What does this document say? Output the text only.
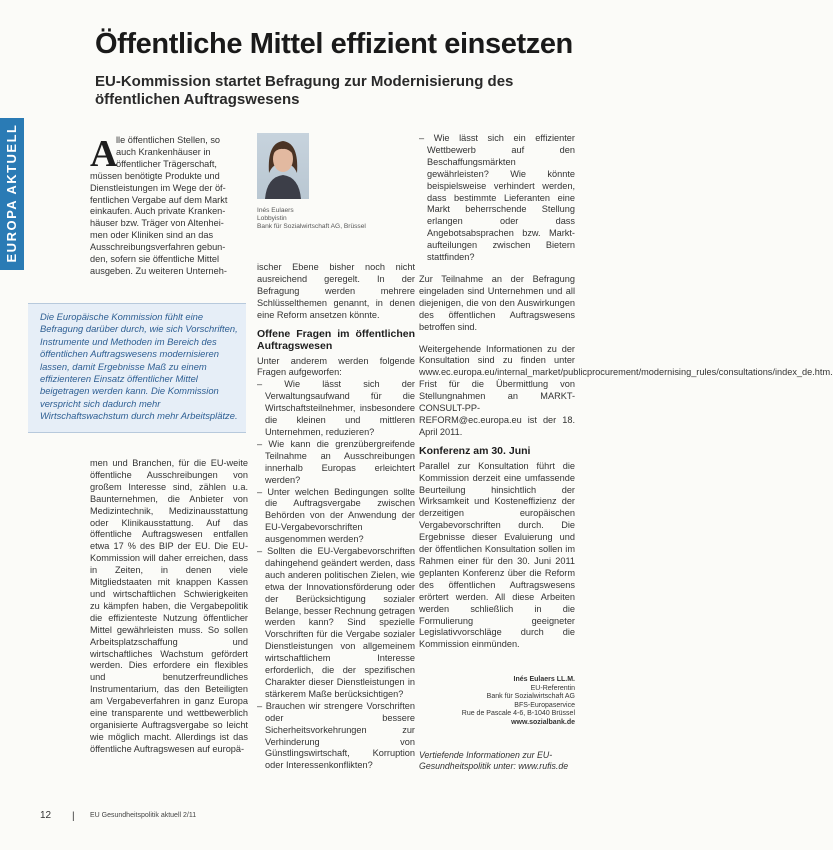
EUROPA AKTUELL
Öffentliche Mittel effizient einsetzen
EU-Kommission startet Befragung zur Modernisierung des öffentlichen Auftragswesens
A
lle öffentlichen Stellen, so
auch Krankenhäuser in
öffentlicher Trägerschaft,
müssen benötigte Produkte und
Dienstleistungen im Wege der öf-
fentlichen Vergabe auf dem Markt
einkaufen. Auch private Kranken-
häuser bzw. Träger von Altenhei-
men oder Kliniken sind an das
Ausschreibungsverfahren gebun-
den, sofern sie öffentliche Mittel
ausgeben. Zu weiteren Unterneh-
Inés Eulaers
Lobbyistin
Bank für Sozialwirtschaft AG, Brüssel
Die Europäische Kommission fühlt eine Befragung darüber durch, wie sich Vorschriften, Instrumente und Methoden im Bereich des öffentlichen Auftragswesens modernisieren lassen, damit Ergebnisse Maß zu einem effizienteren Einsatz öffentlicher Mittel beigetragen werden kann. Die Kommission verspricht sich dadurch mehr Wirtschaftswachstum durch mehr Arbeitsplätze.

men und Branchen, für die EU-weite öffentliche Ausschreibungen von großem Interesse sind, zählen u.a. Baunternehmen, die Anbieter von Medizintechnik, Medizinausstattung oder Klinikausstattung. Auf das öffentliche Auftragswesen entfallen etwa 17 % des BIP der EU. Die EU-Kommission will daher erreichen, dass in Zeiten, in denen viele Mitgliedstaaten mit knappen Kassen und wirtschaftlichen Schwierigkeiten zu kämpfen haben, die Vergabepolitik die effizienteste Nutzung öffentlicher Mittel gewährleisten muss. So sollen Arbeitsplatzschaffung und wirtschaftliches Wachstum gefördert werden. Dies erfordere ein flexibles und benutzerfreundliches Instrumentarium, das den Beteiligten am Vergabeverfahren in ganz Europa eine transparente und wettbewerblich organisierte Auftragsvergabe so leicht wie möglich macht. Allerdings ist das öffentliche Auftragswesen auf europä-

ischer Ebene bisher noch nicht ausreichend geregelt. In der Befragung werden mehrere Schlüsselthemen genannt, in denen eine Reform ansetzen könnte.

Offene Fragen im öffentlichen Auftragswesen

Unter anderem werden folgende Fragen aufgeworfen:

– Wie lässt sich der Verwaltungsaufwand für die Wirtschaftsteilnehmer, insbesondere die kleinen und mittleren Unternehmen, reduzieren?

– Wie kann die grenzübergreifende Teilnahme an Ausschreibungen innerhalb Europas erleichtert werden?

– Unter welchen Bedingungen sollte die Auftragsvergabe zwischen Behörden von der Anwendung der EU-Vergabevorschriften ausgenommen werden?

– Sollten die EU-Vergabevorschriften dahingehend geändert werden, dass auch anderen politischen Zielen, wie etwa der Innovationsförderung oder der Berücksichtigung sozialer Belange, besser Rechnung getragen werden kann? Sind spezielle Vorschriften für die Vergabe sozialer Dienstleistungen von allgemeinem wirtschaftlichem Interesse erforderlich, die der spezifischen Charakter dieser Dienstleistungen in stärkerem Maße berücksichtigen?

– Brauchen wir strengere Vorschriften oder bessere Sicherheitsvorkehrungen zur Verhinderung von Günstlingswirtschaft, Korruption oder Interessenkonflikten?

– Wie lässt sich ein effizienter Wettbewerb auf den Beschaffungsmärkten gewährleisten? Wie könnte beispielsweise verhindert werden, dass bestimmte Lieferanten eine Markt beherrschende Stellung erlangen oder dass Angebotsabsprachen bzw. Markt-aufteilungen zwischen Bietern stattfinden?

Zur Teilnahme an der Befragung eingeladen sind Unternehmen und all diejenigen, die von den Auswirkungen des öffentlichen Auftragswesens betroffen sind.

Weitergehende Informationen zu der Konsultation sind zu finden unter www.ec.europa.eu/internal_market/publicprocurement/modernising_rules/consultations/index_de.htm. Frist für die Übermittlung von Stellungnahmen an MARKT-CONSULT-PP-REFORM@ec.europa.eu ist der 18. April 2011.

Konferenz am 30. Juni

Parallel zur Konsultation führt die Kommission derzeit eine umfassende Beurteilung hinsichtlich der Wirksamkeit und Kosteneffizienz der derzeitigen europäischen Vergabevorschriften durch. Die Ergebnisse dieser Evaluierung und der öffentlichen Konsultation sollen im Rahmen einer für den 30. Juni 2011 geplanten Konferenz über die Reform des öffentlichen Auftragswesens erörtert werden. All diese Arbeiten werden schließlich in die Formulierung geeigneter Legislativvorschläge durch die Kommission einmünden.

Inés Eulaers LL.M.
EU-Referentin
Bank für Sozialwirtschaft AG
BFS-Europaservice
Rue de Pascale 4-6, B-1040 Brüssel
www.sozialbank.de
Vertiefende Informationen zur EU-Gesundheitspolitik unter: www.rufis.de
12 | EU Gesundheitspolitik aktuell 2/11
